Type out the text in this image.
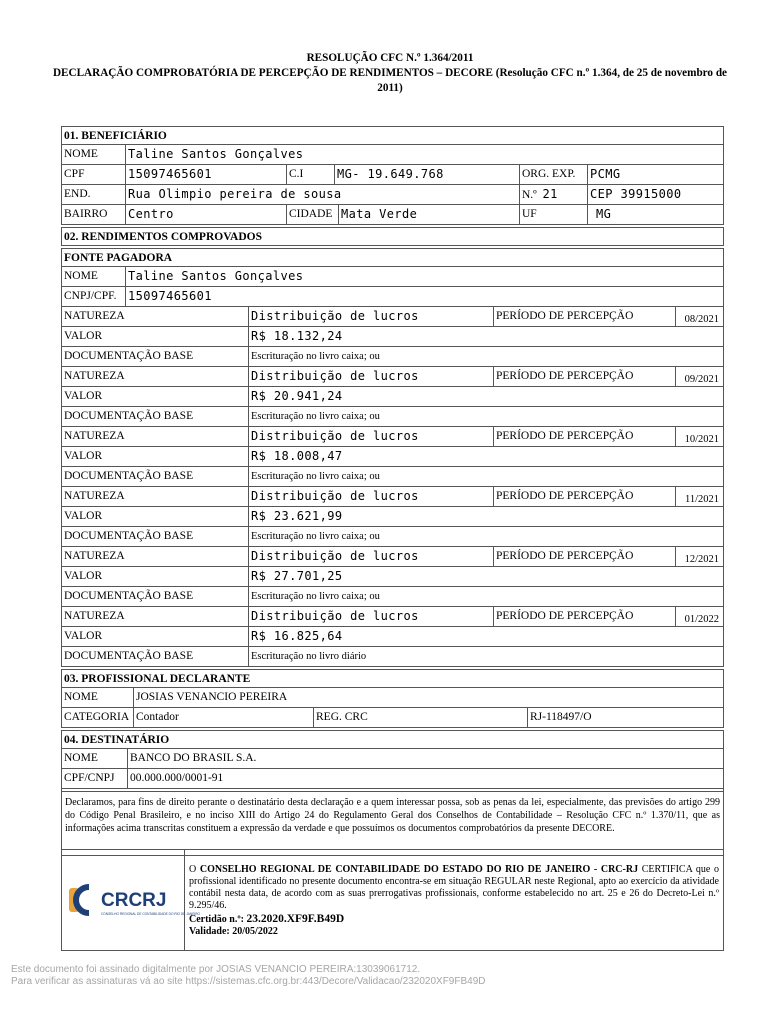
RESOLUÇÃO CFC N.º 1.364/2011
DECLARAÇÃO COMPROBATÓRIA DE PERCEPÇÃO DE RENDIMENTOS – DECORE (Resolução CFC n.º 1.364, de 25 de novembro de 2011)
01. BENEFICIÁRIO
NOME	Taline Santos Gonçalves
CPF	15097465601	C.I	MG- 19.649.768	ORG. EXP.	PCMG
END.	Rua Olimpio pereira de sousa	N.º 21	CEP 39915000
BAIRRO	Centro	CIDADE Mata Verde	UF	MG
02. RENDIMENTOS COMPROVADOS
FONTE PAGADORA
NOME	Taline Santos Gonçalves
CNPJ/CPF. 15097465601
NATUREZA	Distribuição de lucros	PERÍODO DE PERCEPÇÃO	08/2021
VALOR	R$ 18.132,24
DOCUMENTAÇÃO BASE	Escrituração no livro caixa; ou
NATUREZA	Distribuição de lucros	PERÍODO DE PERCEPÇÃO	09/2021
VALOR	R$ 20.941,24
DOCUMENTAÇÃO BASE	Escrituração no livro caixa; ou
NATUREZA	Distribuição de lucros	PERÍODO DE PERCEPÇÃO	10/2021
VALOR	R$ 18.008,47
DOCUMENTAÇÃO BASE	Escrituração no livro caixa; ou
NATUREZA	Distribuição de lucros	PERÍODO DE PERCEPÇÃO	11/2021
VALOR	R$ 23.621,99
DOCUMENTAÇÃO BASE	Escrituração no livro caixa; ou
NATUREZA	Distribuição de lucros	PERÍODO DE PERCEPÇÃO	12/2021
VALOR	R$ 27.701,25
DOCUMENTAÇÃO BASE	Escrituração no livro caixa; ou
NATUREZA	Distribuição de lucros	PERÍODO DE PERCEPÇÃO	01/2022
VALOR	R$ 16.825,64
DOCUMENTAÇÃO BASE	Escrituração no livro diário
03. PROFISSIONAL DECLARANTE
NOME	JOSIAS VENANCIO PEREIRA
CATEGORIA Contador	REG. CRC	RJ-118497/O
04. DESTINATÁRIO
NOME	BANCO DO BRASIL S.A.
CPF/CNPJ	00.000.000/0001-91
Declaramos, para fins de direito perante o destinatário desta declaração e a quem interessar possa, sob as penas da lei, especialmente, das previsões do artigo 299 do Código Penal Brasileiro, e no inciso XIII do Artigo 24 do Regulamento Geral dos Conselhos de Contabilidade – Resolução CFC n.º 1.370/11, que as informações acima transcritas constituem a expressão da verdade e que possuímos os documentos comprobatórios da presente DECORE.
CRCRJ
CONSELHO REGIONAL DE CONTABILIDADE DO RIO DE JANEIRO
O CONSELHO REGIONAL DE CONTABILIDADE DO ESTADO DO RIO DE JANEIRO - CRC-RJ CERTIFICA que o profissional identificado no presente documento encontra-se em situação REGULAR neste Regional, apto ao exercício da atividade contábil nesta data, de acordo com as suas prerrogativas profissionais, conforme estabelecido no art. 25 e 26 do Decreto-Lei n.º 9.295/46.
Certidão n.º: 23.2020.XF9F.B49D
Validade: 20/05/2022
Este documento foi assinado digitalmente por JOSIAS VENANCIO PEREIRA:13039061712.
Para verificar as assinaturas vá ao site https://sistemas.cfc.org.br:443/Decore/Validacao/232020XF9FB49D
